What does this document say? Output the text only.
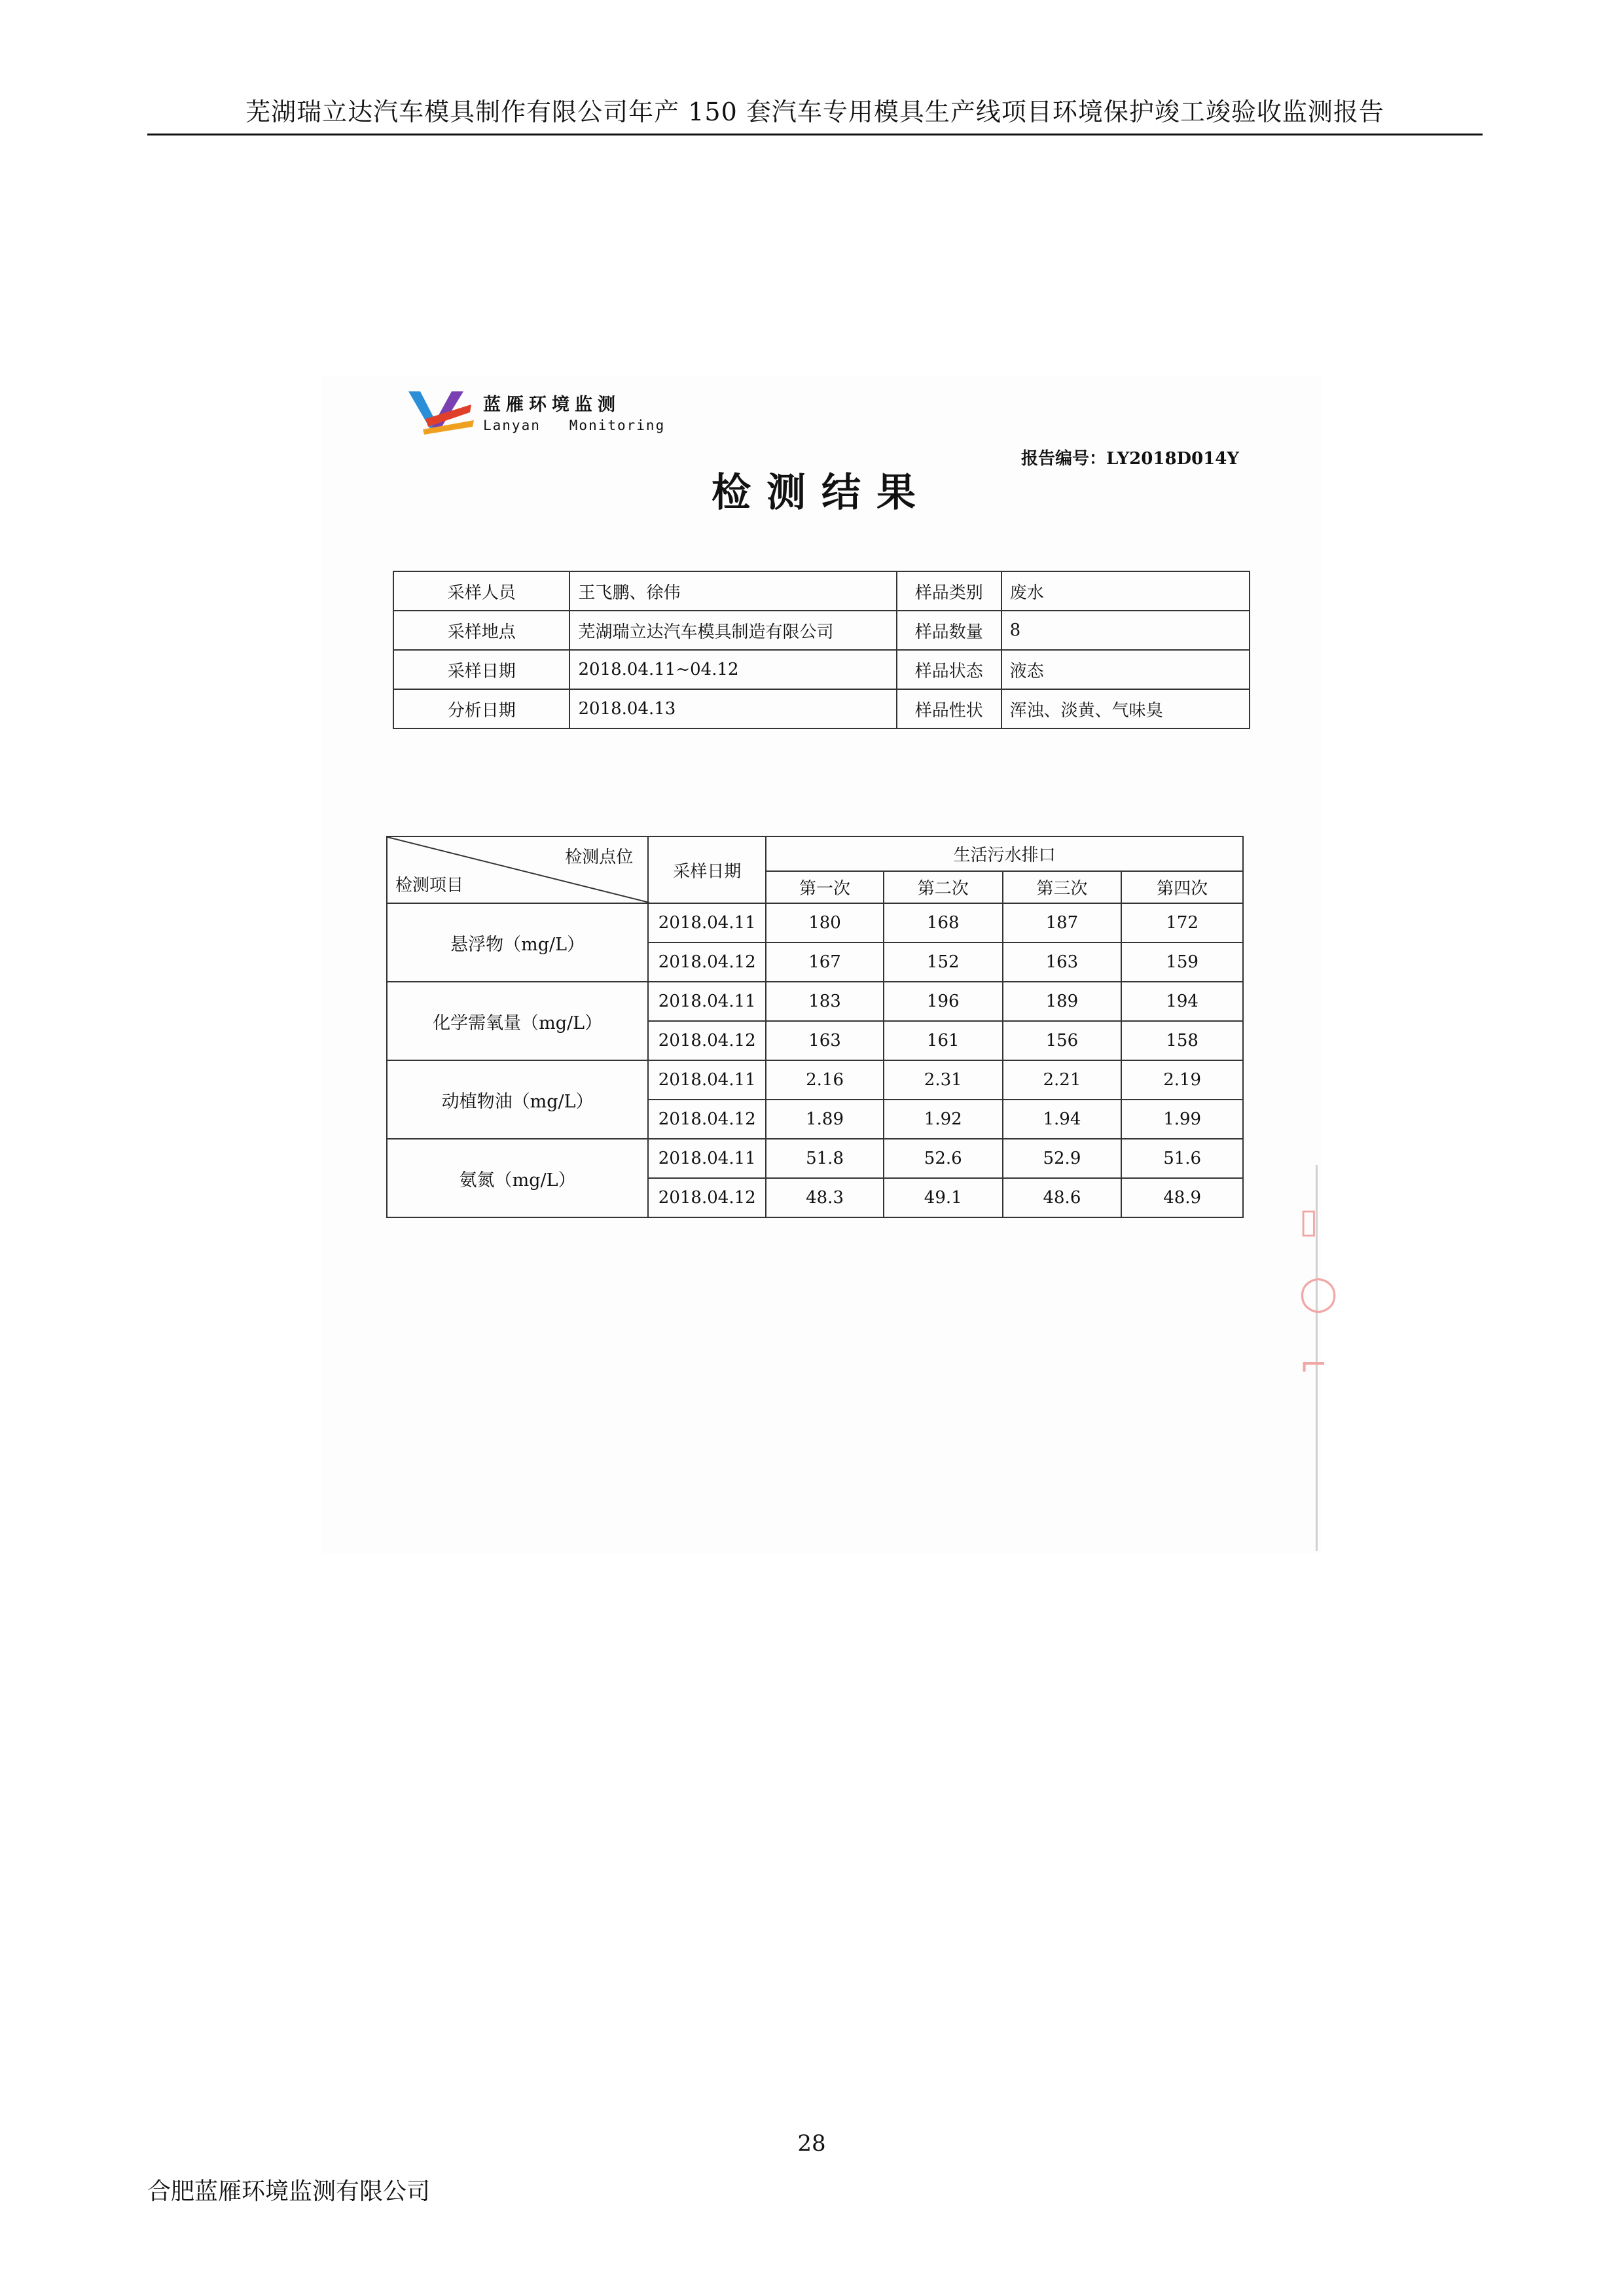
芜湖瑞立达汽车模具制作有限公司年产 150 套汽车专用模具生产线项目环境保护竣工竣验收监测报告
▯
◯
⌐
蓝雁环境监测
Lanyan   Monitoring
报告编号：LY2018D014Y
检测结果
采样人员	王飞鹏、徐伟	样品类别	废水
采样地点	芜湖瑞立达汽车模具制造有限公司	样品数量	8
采样日期	2018.04.11~04.12	样品状态	液态
分析日期	2018.04.13	样品性状	浑浊、淡黄、气味臭
检测点位
检测项目	采样日期	生活污水排口			
		第一次	第二次	第三次	第四次
悬浮物（mg/L）	2018.04.11	180	168	187	172
	2018.04.12	167	152	163	159
化学需氧量（mg/L）	2018.04.11	183	196	189	194
	2018.04.12	163	161	156	158
动植物油（mg/L）	2018.04.11	2.16	2.31	2.21	2.19
	2018.04.12	1.89	1.92	1.94	1.99
氨氮（mg/L）	2018.04.11	51.8	52.6	52.9	51.6
	2018.04.12	48.3	49.1	48.6	48.9
28
合肥蓝雁环境监测有限公司
